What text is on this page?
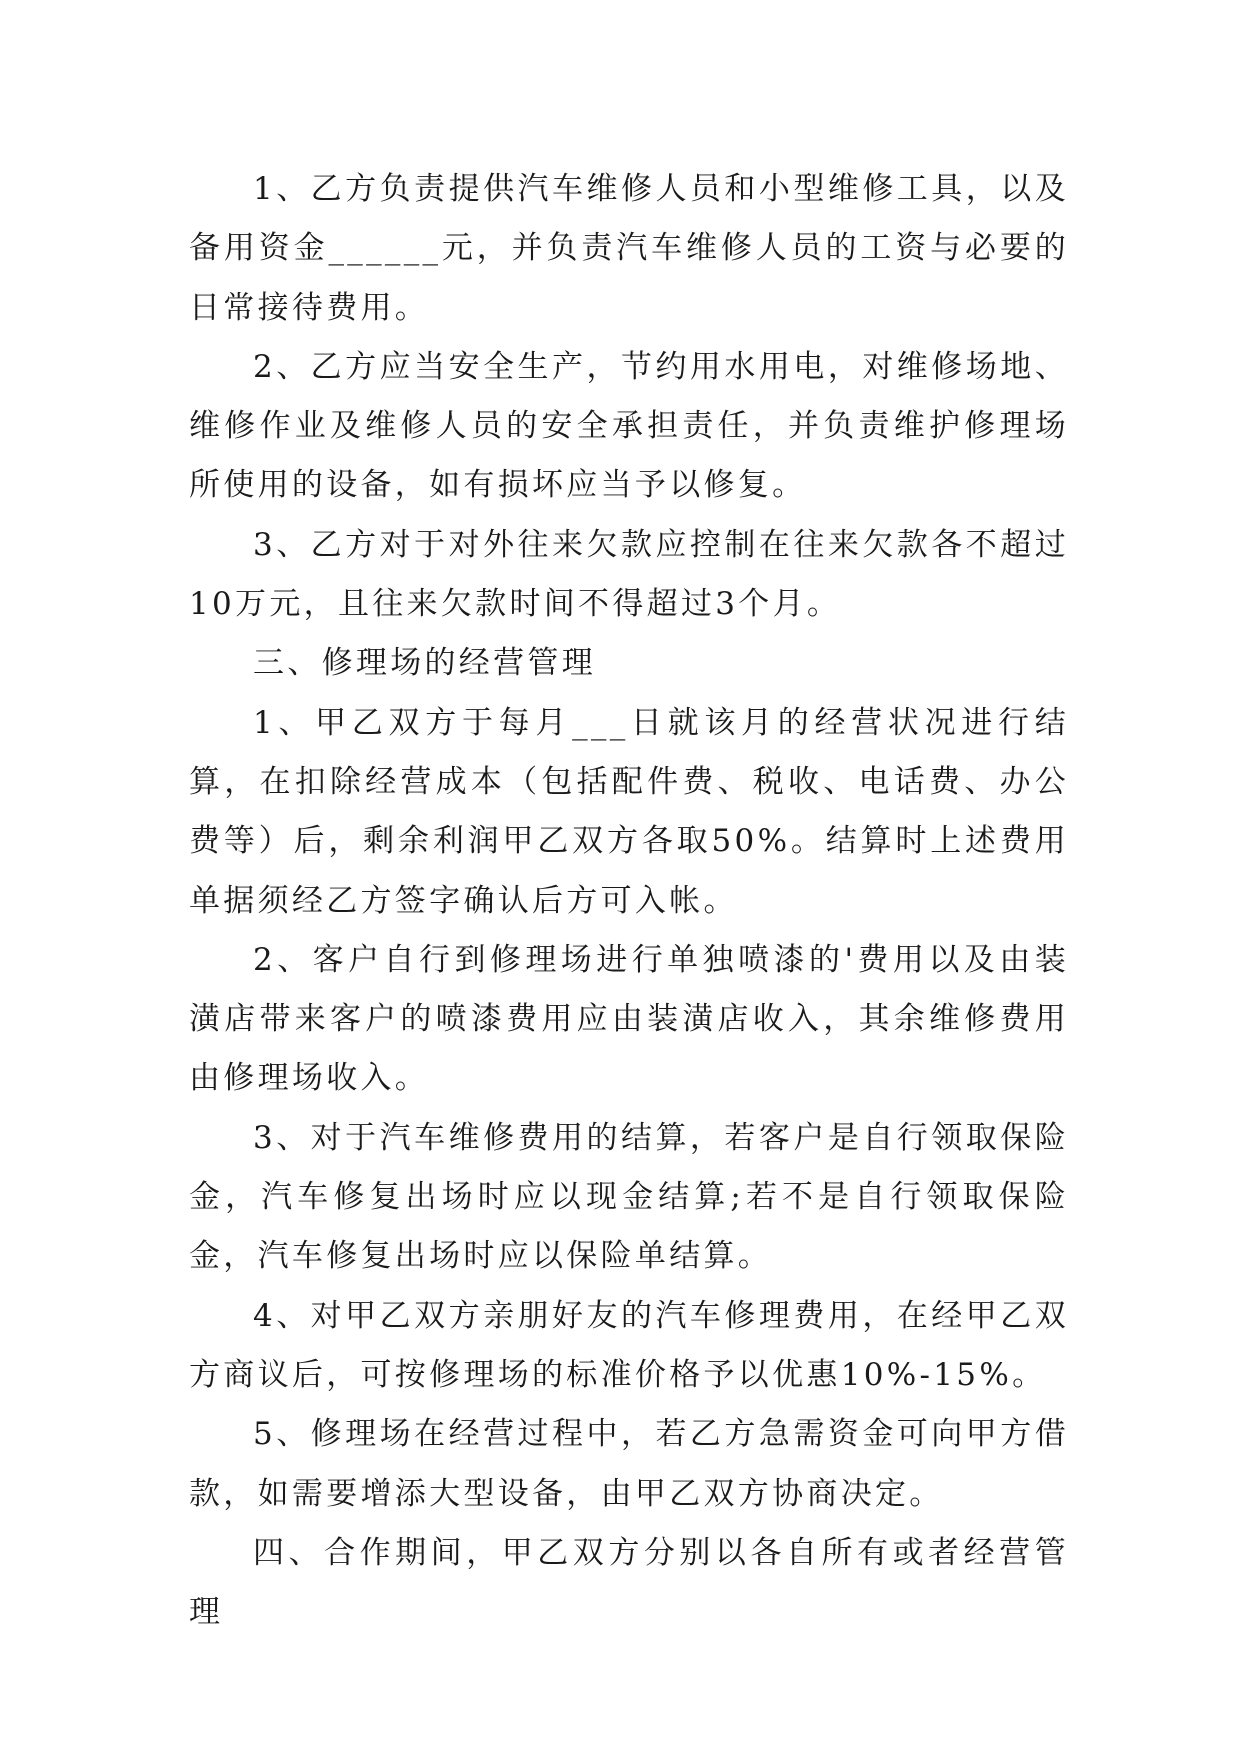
1、乙方负责提供汽车维修人员和小型维修工具，以及备用资金______元，并负责汽车维修人员的工资与必要的日常接待费用。

2、乙方应当安全生产，节约用水用电，对维修场地、维修作业及维修人员的安全承担责任，并负责维护修理场所使用的设备，如有损坏应当予以修复。

3、乙方对于对外往来欠款应控制在往来欠款各不超过10万元，且往来欠款时间不得超过3个月。

三、修理场的经营管理

1、甲乙双方于每月___日就该月的经营状况进行结算，在扣除经营成本（包括配件费、税收、电话费、办公费等）后，剩余利润甲乙双方各取50%。结算时上述费用单据须经乙方签字确认后方可入帐。

2、客户自行到修理场进行单独喷漆的'费用以及由装潢店带来客户的喷漆费用应由装潢店收入，其余维修费用由修理场收入。

3、对于汽车维修费用的结算，若客户是自行领取保险金，汽车修复出场时应以现金结算;若不是自行领取保险金，汽车修复出场时应以保险单结算。

4、对甲乙双方亲朋好友的汽车修理费用，在经甲乙双方商议后，可按修理场的标准价格予以优惠10%-15%。

5、修理场在经营过程中，若乙方急需资金可向甲方借款，如需要增添大型设备，由甲乙双方协商决定。

四、合作期间，甲乙双方分别以各自所有或者经营管理
